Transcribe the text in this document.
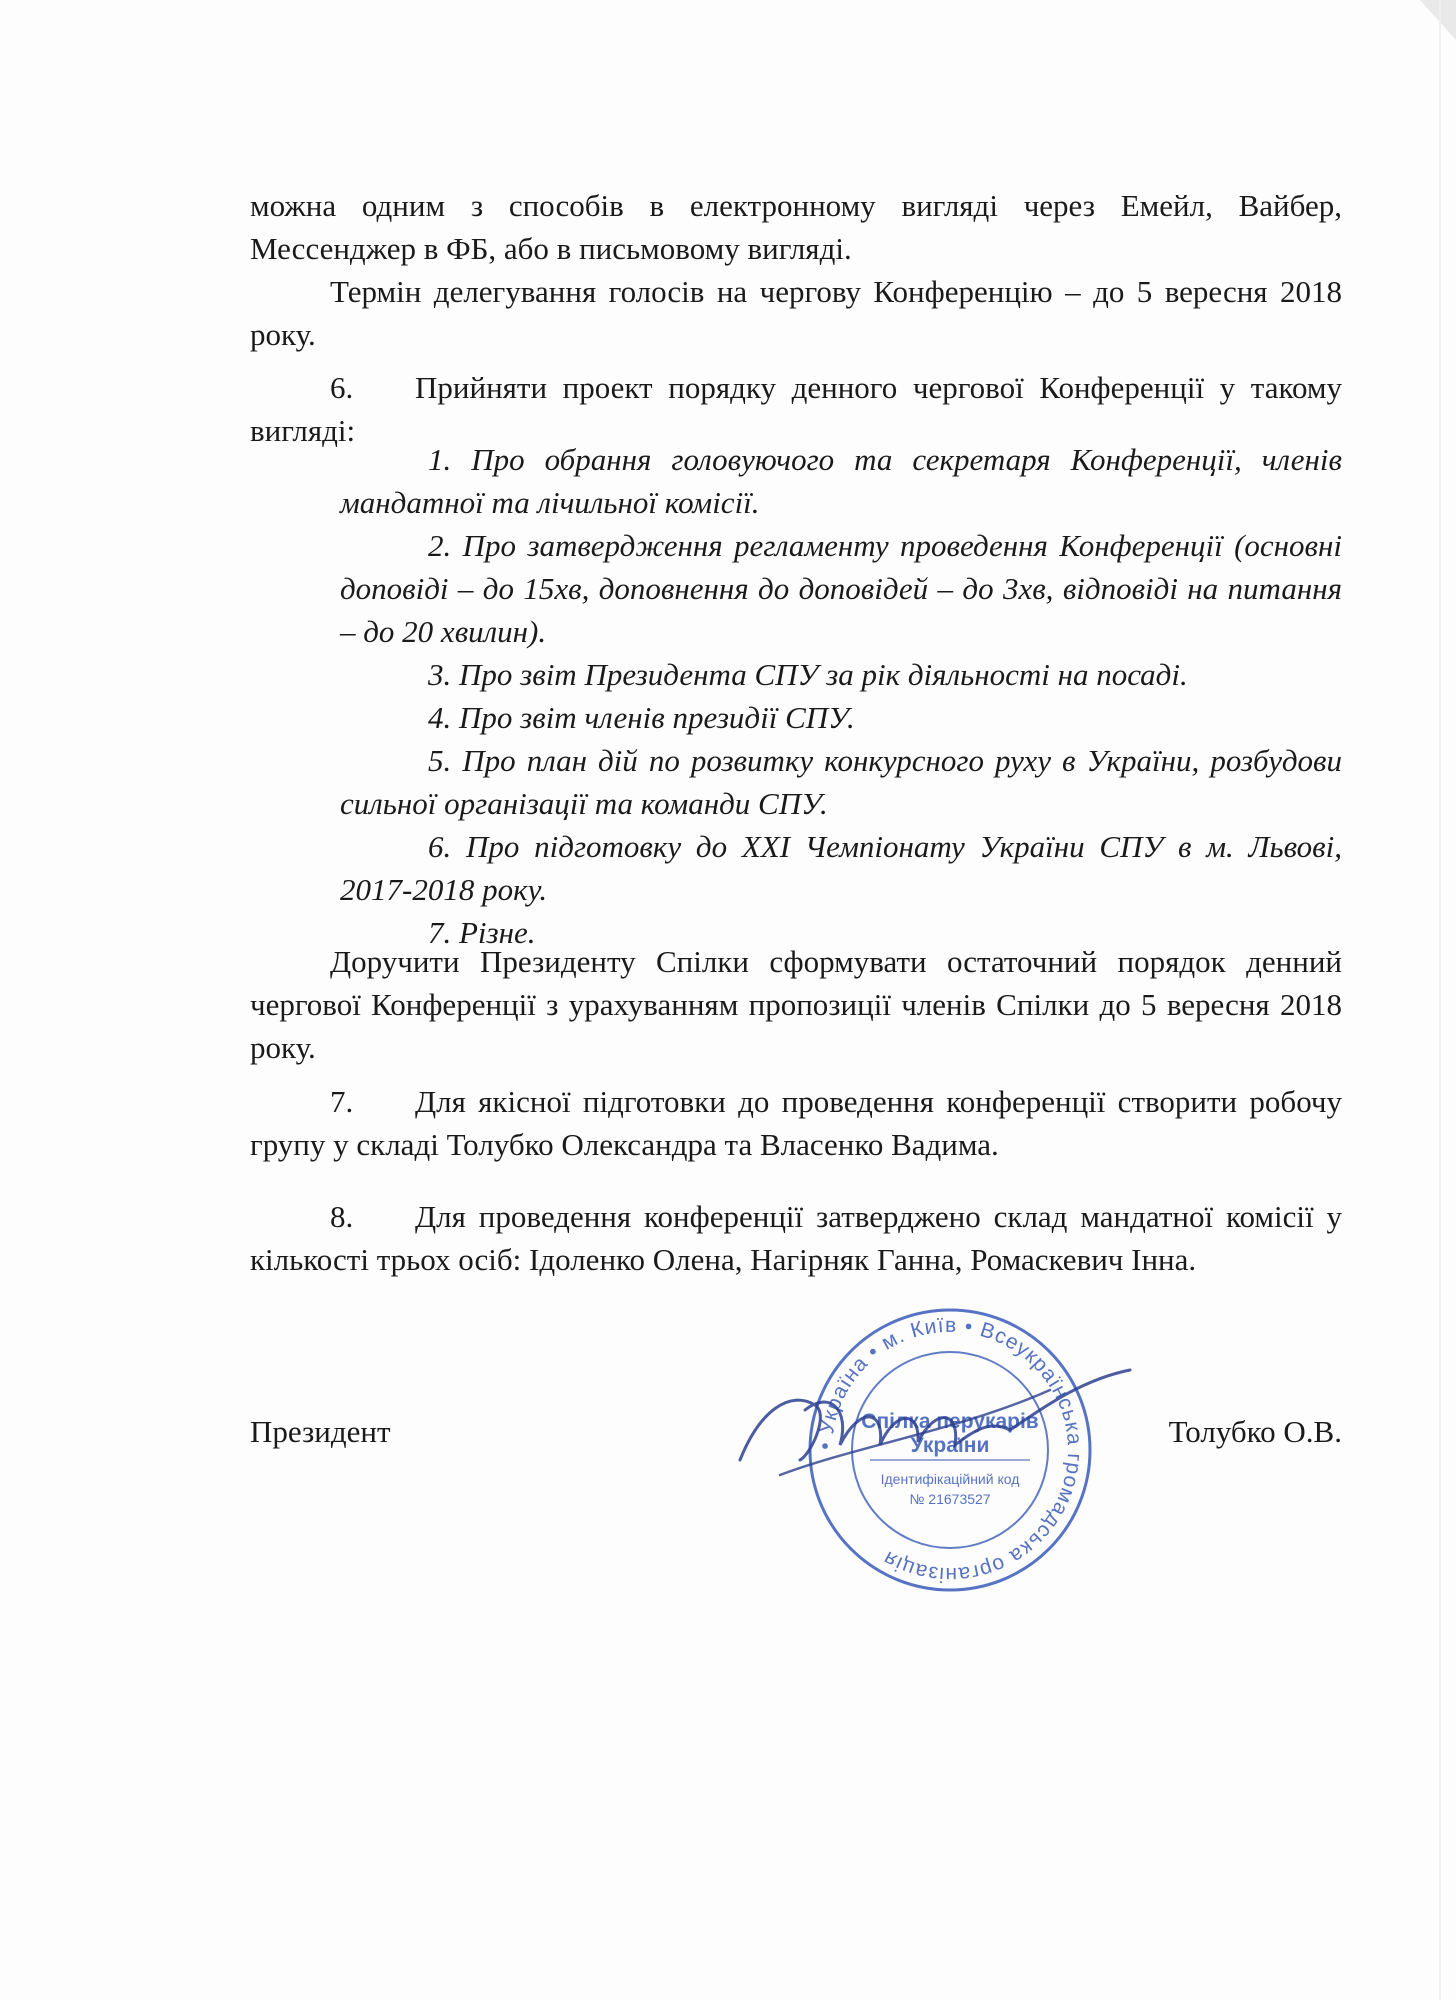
можна одним з способів в електронному вигляді через Емейл, Вайбер, Мессенджер в ФБ, або в письмовому вигляді.

Термін делегування голосів на чергову Конференцію – до 5 вересня 2018 року.

6. Прийняти проект порядку денного чергової Конференції у такому вигляді:

1. Про обрання головуючого та секретаря Конференції, членів мандатної та лічильної комісії.

2. Про затвердження регламенту проведення Конференції (основні доповіді – до 15хв, доповнення до доповідей – до 3хв, відповіді на питання – до 20 хвилин).

3. Про звіт Президента СПУ за рік діяльності на посаді.

4. Про звіт членів президії СПУ.

5. Про план дій по розвитку конкурсного руху в України, розбудови сильної організації та команди СПУ.

6. Про підготовку до XXI Чемпіонату України СПУ в м. Львові, 2017-2018 року.

7. Різне.

Доручити Президенту Спілки сформувати остаточний порядок денний чергової Конференції з урахуванням пропозиції членів Спілки до 5 вересня 2018 року.

7. Для якісної підготовки до проведення конференції створити робочу групу у складі Толубко Олександра та Власенко Вадима.

8. Для проведення конференції затверджено склад мандатної комісії у кількості трьох осіб: Ідоленко Олена, Нагірняк Ганна, Ромаскевич Інна.

Президент	Толубко О.В.
• Україна • м. Київ • Всеукраїнська громадська організація
Спілка перукарів
України
Ідентифікаційний код
№ 21673527
